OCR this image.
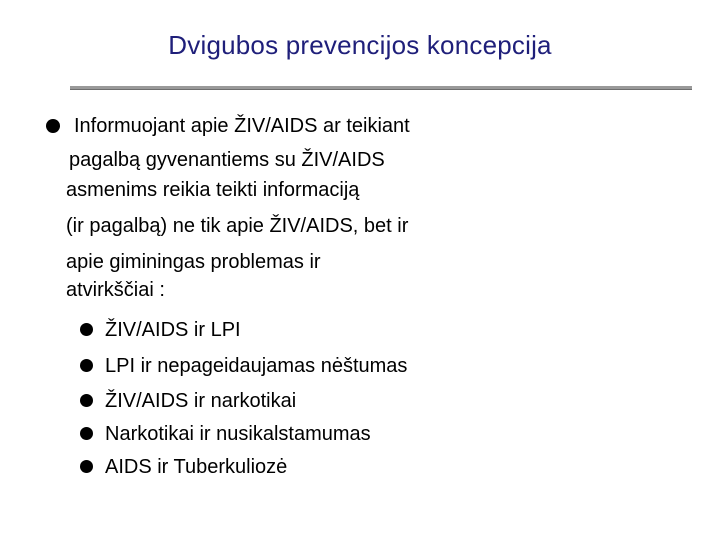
Dvigubos prevencijos koncepcija
Informuojant apie ŽIV/AIDS ar teikiant
pagalbą gyvenantiems su ŽIV/AIDS
asmenims reikia teikti informaciją
(ir pagalbą) ne tik apie ŽIV/AIDS, bet ir
apie giminingas problemas ir
atvirkščiai :
ŽIV/AIDS ir LPI
LPI ir nepageidaujamas nėštumas
ŽIV/AIDS ir narkotikai
Narkotikai ir nusikalstamumas
AIDS ir Tuberkuliozė
